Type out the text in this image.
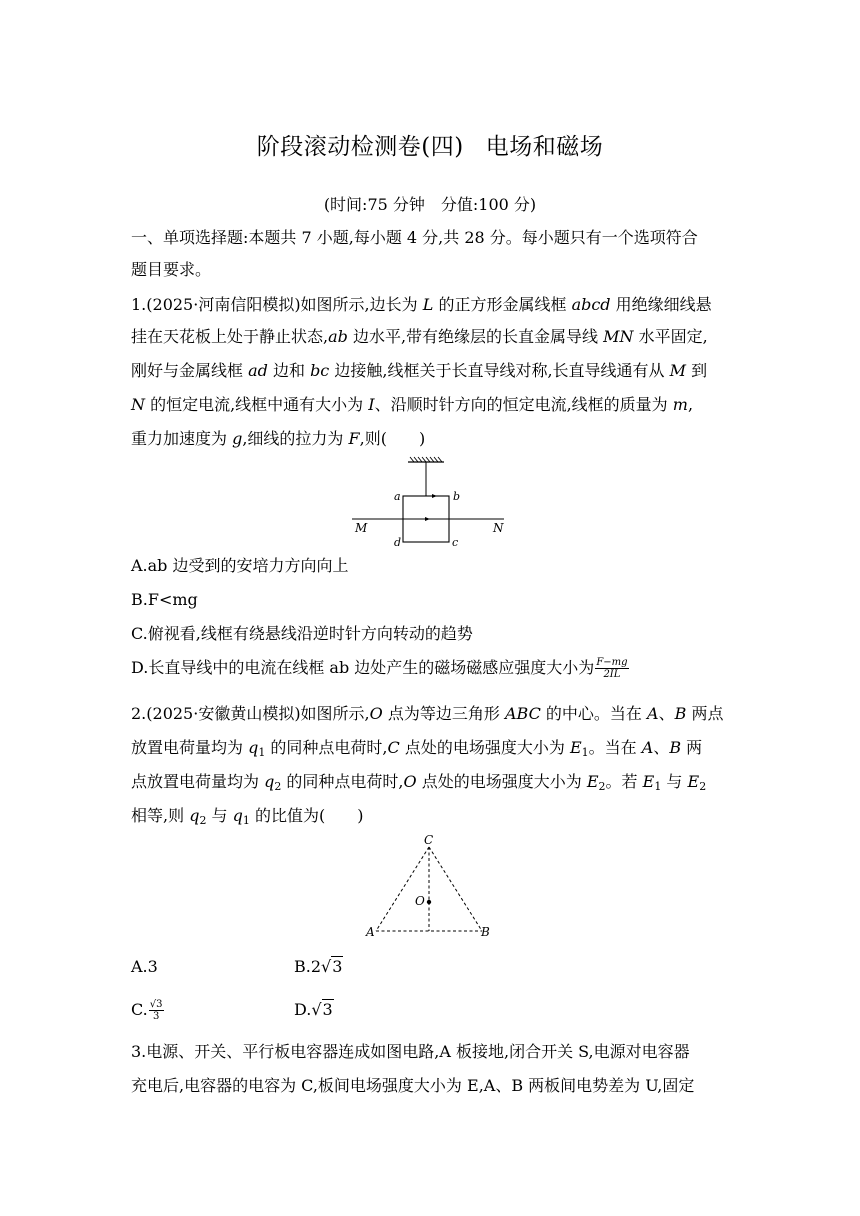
阶段滚动检测卷(四) 电场和磁场
(时间:75 分钟 分值:100 分)
一、单项选择题:本题共 7 小题,每小题 4 分,共 28 分。每小题只有一个选项符合
题目要求。
1.(2025·河南信阳模拟)如图所示,边长为 L 的正方形金属线框 abcd 用绝缘细线悬
挂在天花板上处于静止状态,ab 边水平,带有绝缘层的长直金属导线 MN 水平固定,
刚好与金属线框 ad 边和 bc 边接触,线框关于长直导线对称,长直导线通有从 M 到
N 的恒定电流,线框中通有大小为 I、沿顺时针方向的恒定电流,线框的质量为 m,
重力加速度为 g,细线的拉力为 F,则(　　)
a	b
d	c
M	N
A.ab 边受到的安培力方向向上
B.F<mg
C.俯视看,线框有绕悬线沿逆时针方向转动的趋势
D.长直导线中的电流在线框 ab 边处产生的磁场磁感应强度大小为 $\frac{F-mg}{2IL}$
2.(2025·安徽黄山模拟)如图所示,O 点为等边三角形 ABC 的中心。当在 A、B 两点
放置电荷量均为 $q_1$ 的同种点电荷时,C 点处的电场强度大小为 $E_1$。当在 A、B 两
点放置电荷量均为 $q_2$ 的同种点电荷时,O 点处的电场强度大小为 $E_2$。若 $E_1$ 与 $E_2$
相等,则 $q_2$ 与 $q_1$ 的比值为(　　)
C
A	B
O
A.3	B.2√3
C. $\frac{√3}{3}$	D.√3
3.电源、开关、平行板电容器连成如图电路,A 板接地,闭合开关 S,电源对电容器
充电后,电容器的电容为 C,板间电场强度大小为 E,A、B 两板间电势差为 U,固定
